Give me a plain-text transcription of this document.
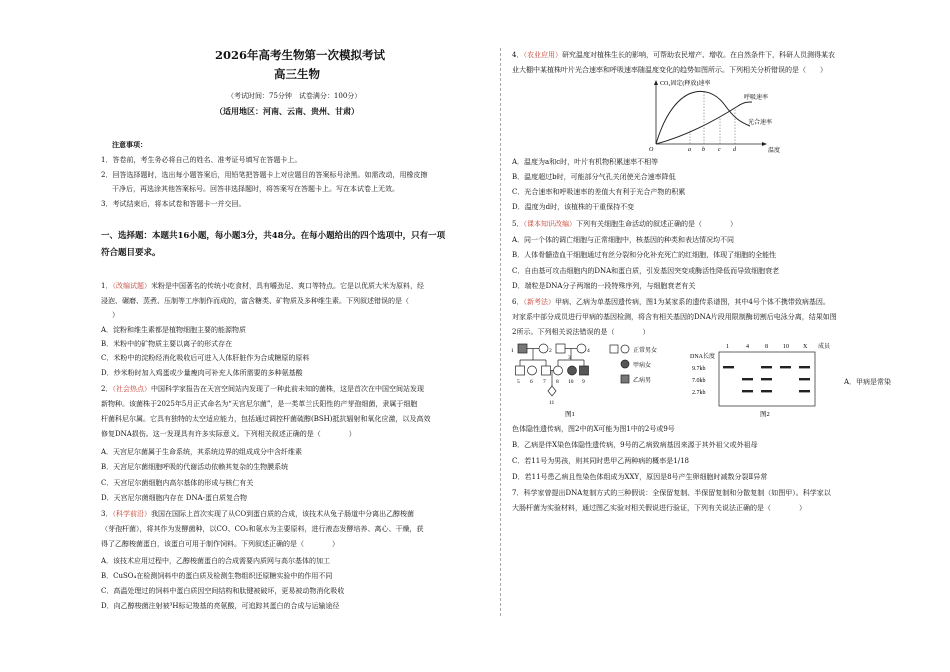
2026年高考生物第一次模拟考试
高三生物
（考试时间：75分钟　试卷满分：100分）
（适用地区：河南、云南、贵州、甘肃）
注意事项：
1．答卷前，考生务必将自己的姓名、准考证号填写在答题卡上。
2．回答选择题时，选出每小题答案后，用铅笔把答题卡上对应题目的答案标号涂黑。如需改动，用橡皮擦
干净后，再选涂其他答案标号。回答非选择题时，将答案写在答题卡上。写在本试卷上无效。
3．考试结束后，将本试卷和答题卡一并交回。
一、选择题：本题共16小题，每小题3分，共48分。在每小题给出的四个选项中，只有一项
符合题目要求。
1．（改编试题）米粉是中国著名的传统小吃食材，具有嚼劲足、爽口等特点。它是以优质大米为原料，经
浸泡、碾磨、蒸煮、压制等工序制作而成的，富含糖类、矿物质及多种维生素。下列叙述错误的是（
）
A．淀粉和维生素都是植物细胞主要的能源物质
B．米粉中的矿物质主要以离子的形式存在
C．米粉中的淀粉经消化吸收后可进入人体肝脏作为合成糖原的原料
D．炒米粉时加入鸡蛋或少量瘦肉可补充人体所需要的多种氨基酸
2．（社会热点）中国科学家报告在天宫空间站内发现了一种此前未知的菌株，这是首次在中国空间站发现
新物种。该菌株于2025年5月正式命名为“天宫尼尔菌”，是一类革兰氏阳性的产芽孢细菌，隶属于细胞
杆菌科尼尔属。它具有独特的太空适应能力，包括通过调控杆菌硫醇(BSH)抵抗辐射和氧化应激，以及高效
修复DNA损伤。这一发现具有许多实际意义。下列相关叙述正确的是（　　　　）
A．天宫尼尔菌属于生命系统，其系统边界的组成成分中含纤维素
B．天宫尼尔菌细胞呼吸的代谢活动依赖其复杂的生物膜系统
C．天宫尼尔菌细胞内高尔基体的形成与核仁有关
D．天宫尼尔菌细胞内存在 DNA-蛋白质复合物
3．（科学前沿）我国在国际上首次实现了从CO到蛋白质的合成，该技术从兔子肠道中分离出乙醇梭菌
（芽孢杆菌），将其作为发酵菌种，以CO、CO₂和氨水为主要原料，进行液态发酵培养、离心、干燥，获
得了乙醇梭菌蛋白，该蛋白可用于制作饲料。下列叙述正确的是（　　　　）
A．该技术应用过程中，乙醇梭菌蛋白的合成需要内质网与高尔基体的加工
B．CuSO₄在检测饲料中的蛋白质及检测生物组织还原糖实验中的作用不同
C．高温处理过的饲料中蛋白质因空间结构和肽键被破坏，更易被动物消化吸收
D．向乙醇梭菌注射被³H标记羧基的亮氨酸，可追踪其蛋白的合成与运输途径
4．（农业应用）研究温度对植株生长的影响，可帮助农民增产、增收。在自然条件下，科研人员测得某农
业大棚中某植株叶片光合速率和呼吸速率随温度变化的趋势如图所示。下列相关分析错误的是（　　）
CO₂固定(释放)速率
呼吸速率
光合速率
温度
O	a b c d
A．温度为a和c时，叶片有机物积累速率不相等
B．温度超过b时，可能部分气孔关闭使光合速率降低
C．光合速率和呼吸速率的差值大有利于光合产物的积累
D．温度为d时，该植株的干重保持不变
5．（课本知识改编）下列有关细胞生命活动的叙述正确的是（　　　　）
A．同一个体的调亡细胞与正常细胞中，核基因的种类和表达情况均不同
B．人体骨髓造血干细胞通过有丝分裂和分化补充死亡的红细胞，体现了细胞的全能性
C．自由基可攻击细胞内的DNA和蛋白质，引发基因突变或酶活性降低而导致细胞衰老
D．端粒是DNA分子两端的一段特殊序列，与细胞衰老有关
6．（新考法）甲病、乙病为单基因遗传病，图1为某家系的遗传系谱图，其中4号个体不携带致病基因。
对家系中部分成员进行甲病的基因检测，将含有相关基因的DNA片段用限制酶切割后电泳分离，结果如图
2所示。下列相关说法错误的是（　　　　）
1	2
3
4
5 6 7 8	9
10
11
图1
正常男女
甲病女
乙病男
1	4	8	10 X 成员
DNA长度
9.7kb
7.0kb
2.7kb
图2
A．甲病是常染
色体隐性遗传病，图2中的X可能为图1中的2号或9号
B．乙病是伴X染色体隐性遗传病，9号的乙病致病基因来源于其外祖父或外祖母
C．若11号为男孩，则其同时患甲乙两种病的概率是1/18
D．若11号患乙病且性染色体组成为XXY，原因是8号产生卵细胞时减数分裂Ⅱ异常
7．科学家曾提出DNA复制方式的三种假说：全保留复制、半保留复制和分散复制（如图甲）。科学家以
大肠杆菌为实验材料，通过图乙实验对相关假说进行验证，下列有关说法正确的是（　　　　）
